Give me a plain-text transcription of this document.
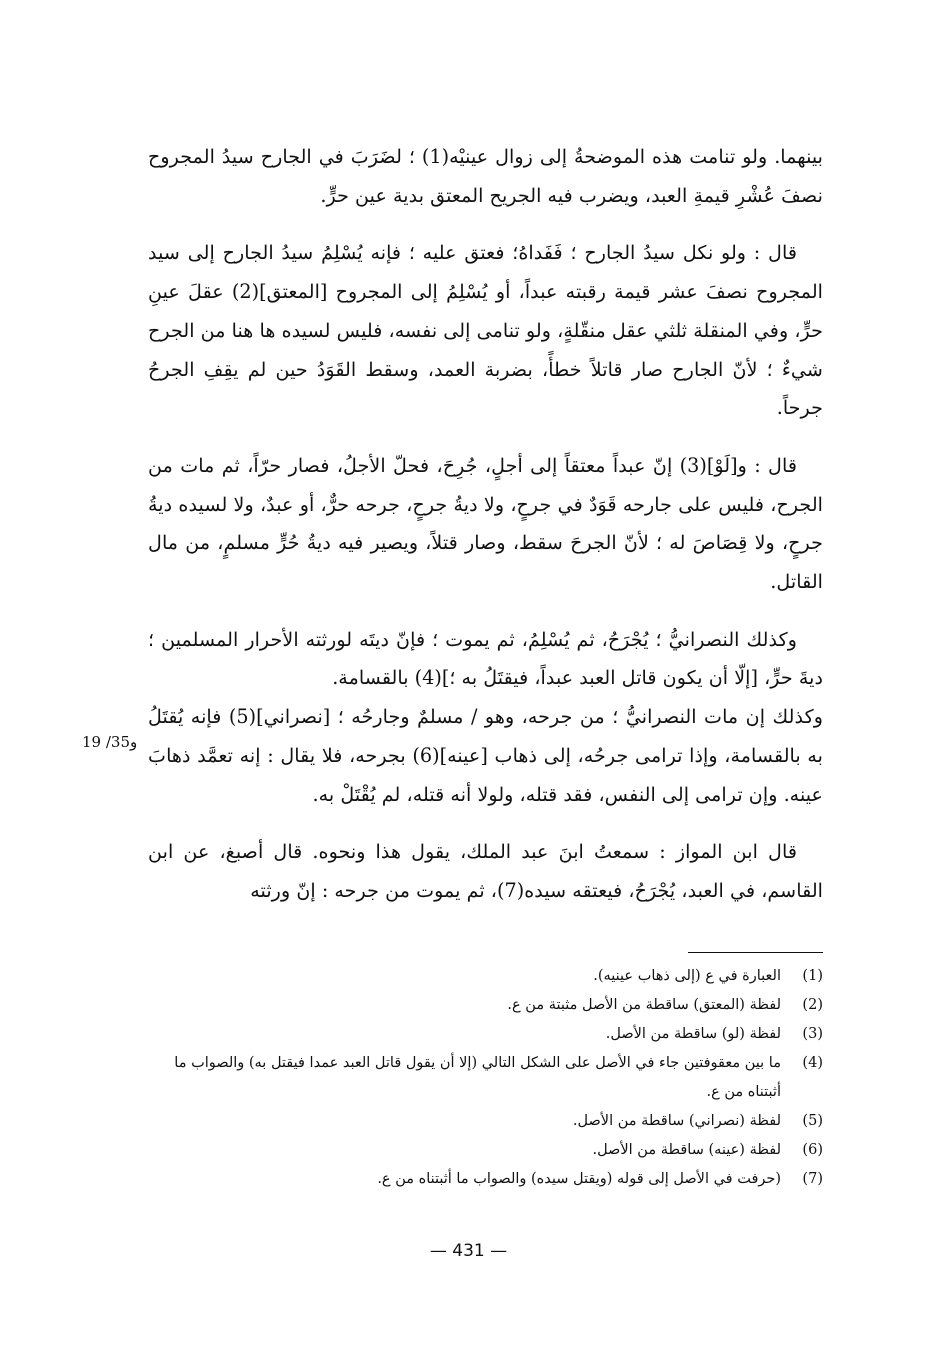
بينهما. ولو تنامت هذه الموضحةُ إلى زوال عينيْه(1) ؛ لضَرَبَ في الجارح سيدُ المجروح نصفَ عُشْرِ قيمةِ العبد، ويضرب فيه الجريح المعتق بدية عين حرٍّ.

قال : ولو نكل سيدُ الجارح ؛ فَفَداهُ؛ فعتق عليه ؛ فإنه يُسْلِمُ سيدُ الجارح إلى سيد المجروح نصفَ عشر قيمة رقبته عبداً، أو يُسْلِمُ إلى المجروح [المعتق](2) عقلَ عينِ حرٍّ، وفي المنقلة ثلثي عقل منقّلةٍ، ولو تنامى إلى نفسه، فليس لسيده ها هنا من الجرح شيءٌ ؛ لأنّ الجارح صار قاتلاً خطأً، بضربة العمد، وسقط القَوَدُ حين لم يقِفِ الجرحُ جرحاً.

قال : و[لَوْ](3) إنّ عبداً معتقاً إلى أجلٍ، جُرِحَ، فحلّ الأجلُ، فصار حرّاً، ثم مات من الجرح، فليس على جارحه قَوَدٌ في جرحٍ، ولا ديةُ جرحٍ، جرحه حرٌّ، أو عبدٌ، ولا لسيده ديةُ جرحٍ، ولا قِصَاصَ له ؛ لأنّ الجرحَ سقط، وصار قتلاً، ويصير فيه ديةُ حُرٍّ مسلمٍ، من مال القاتل.

وكذلك النصرانيُّ ؛ يُجْرَحُ، ثم يُسْلِمُ، ثم يموت ؛ فإنّ ديتَه لورثته الأحرار المسلمين ؛ ديةَ حرٍّ، [إلّا أن يكون قاتل العبد عبداً، فيقتَلُ به ؛](4) بالقسامة.

وكذلك إن مات النصرانيُّ ؛ من جرحه، وهو / مسلمٌ وجارحُه ؛ [نصراني](5) فإنه يُقتَلُ به بالقسامة، وإذا ترامى جرحُه، إلى ذهاب [عينه](6) بجرحه، فلا يقال : إنه تعمَّد ذهابَ عينه. وإن ترامى إلى النفس، فقد قتله، ولولا أنه قتله، لم يُقْتَلْ به.

قال ابن المواز : سمعتُ ابنَ عبد الملك، يقول هذا ونحوه. قال أصبغ، عن ابن القاسم، في العبد، يُجْرَحُ، فيعتقه سيده(7)، ثم يموت من جرحه : إنّ ورثته

19 /35و
(1)
العبارة في ع (إلى ذهاب عينيه).
(2)
لفظة (المعتق) ساقطة من الأصل مثبتة من ع.
(3)
لفظة (لو) ساقطة من الأصل.
(4)
ما بين معقوفتين جاء في الأصل على الشكل التالي (إلا أن يقول قاتل العبد عمدا فيقتل به) والصواب ما أثبتناه من ع.
(5)
لفظة (نصراني) ساقطة من الأصل.
(6)
لفظة (عينه) ساقطة من الأصل.
(7)
(حرفت في الأصل إلى قوله (ويقتل سيده) والصواب ما أثبتناه من ع.
— 431 —
